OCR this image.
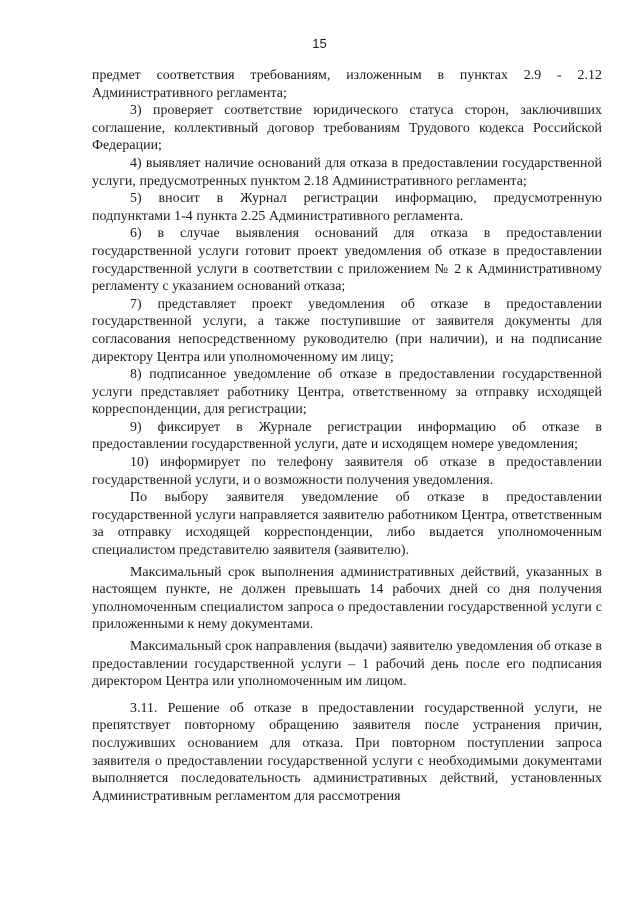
15

предмет соответствия требованиям, изложенным в пунктах 2.9 - 2.12 Административного регламента;

3) проверяет соответствие юридического статуса сторон, заключивших соглашение, коллективный договор требованиям Трудового кодекса Российской Федерации;

4) выявляет наличие оснований для отказа в предоставлении государственной услуги, предусмотренных пунктом 2.18 Административного регламента;

5) вносит в Журнал регистрации информацию, предусмотренную подпунктами 1-4 пункта 2.25 Административного регламента.

6) в случае выявления оснований для отказа в предоставлении государственной услуги готовит проект уведомления об отказе в предоставлении государственной услуги в соответствии с приложением № 2 к Административному регламенту с указанием оснований отказа;

7) представляет проект уведомления об отказе в предоставлении государственной услуги, а также поступившие от заявителя документы для согласования непосредственному руководителю (при наличии), и на подписание директору Центра или уполномоченному им лицу;

8) подписанное уведомление об отказе в предоставлении государственной услуги представляет работнику Центра, ответственному за отправку исходящей корреспонденции, для регистрации;

9) фиксирует в Журнале регистрации информацию об отказе в предоставлении государственной услуги, дате и исходящем номере уведомления;

10) информирует по телефону заявителя об отказе в предоставлении государственной услуги, и о возможности получения уведомления.

По выбору заявителя уведомление об отказе в предоставлении государственной услуги направляется заявителю работником Центра, ответственным за отправку исходящей корреспонденции, либо выдается уполномоченным специалистом представителю заявителя (заявителю).

Максимальный срок выполнения административных действий, указанных в настоящем пункте, не должен превышать 14 рабочих дней со дня получения уполномоченным специалистом запроса о предоставлении государственной услуги с приложенными к нему документами.

Максимальный срок направления (выдачи) заявителю уведомления об отказе в предоставлении государственной услуги – 1 рабочий день после его подписания директором Центра или уполномоченным им лицом.

3.11. Решение об отказе в предоставлении государственной услуги, не препятствует повторному обращению заявителя после устранения причин, послуживших основанием для отказа. При повторном поступлении запроса заявителя о предоставлении государственной услуги с необходимыми документами выполняется последовательность административных действий, установленных Административным регламентом для рассмотрения
